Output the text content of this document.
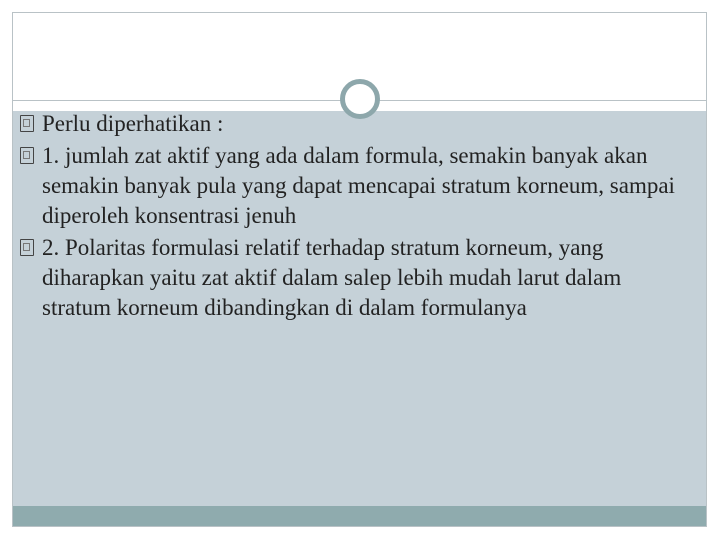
Perlu diperhatikan :
1. jumlah zat aktif yang ada dalam formula, semakin banyak akan semakin banyak pula yang dapat mencapai stratum korneum, sampai diperoleh konsentrasi jenuh
2. Polaritas formulasi relatif terhadap stratum korneum, yang diharapkan yaitu zat aktif dalam salep lebih mudah larut dalam stratum korneum dibandingkan di dalam formulanya
